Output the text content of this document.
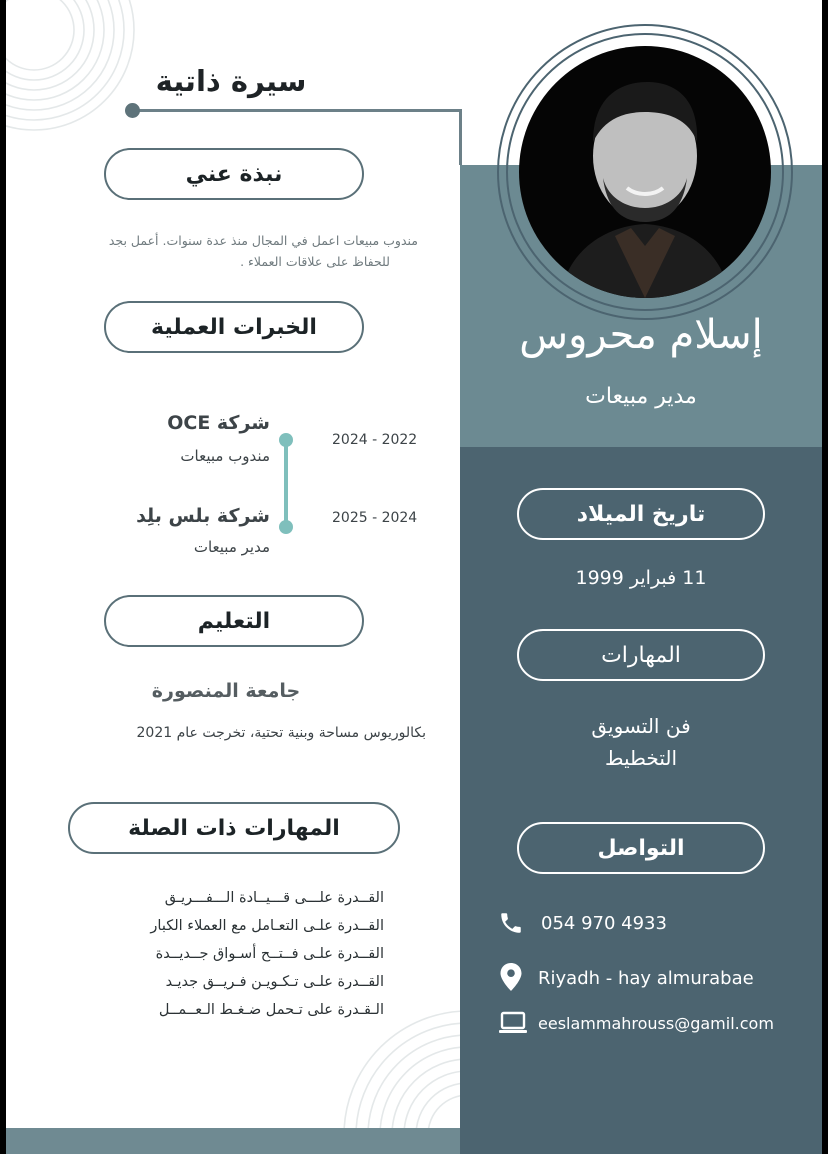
سيرة ذاتية
نبذة عني
مندوب مبيعات اعمل في المجال منذ عدة سنوات. أعمل بجد
للحفاظ على علاقات العملاء .
الخبرات العملية
شركة OCE
مندوب مبيعات
2024 - 2022
شركة بلس بلِد
مدير مبيعات
2025 - 2024
التعليم
جامعة المنصورة
بكالوريوس مساحة وبنية تحتية، تخرجت عام 2021
المهارات ذات الصلة
القــدرة علـــى قـــيــادة الـــفـــريـق
القــدرة علـى التعـامل مع العملاء الكبار
القــدرة علـى فــتــح أسـواق جــديــدة
القــدرة علـى تـكـويـن فـريــق جديـد
الـقـدرة على تـحمل ضـغـط الـعــمــل
إسلام محروس
مدير مبيعات
تاريخ الميلاد
11 فبراير 1999
المهارات
فن التسويق
التخطيط
التواصل
054 970 4933
Riyadh - hay almurabae
eeslammahrouss@gamil.com
